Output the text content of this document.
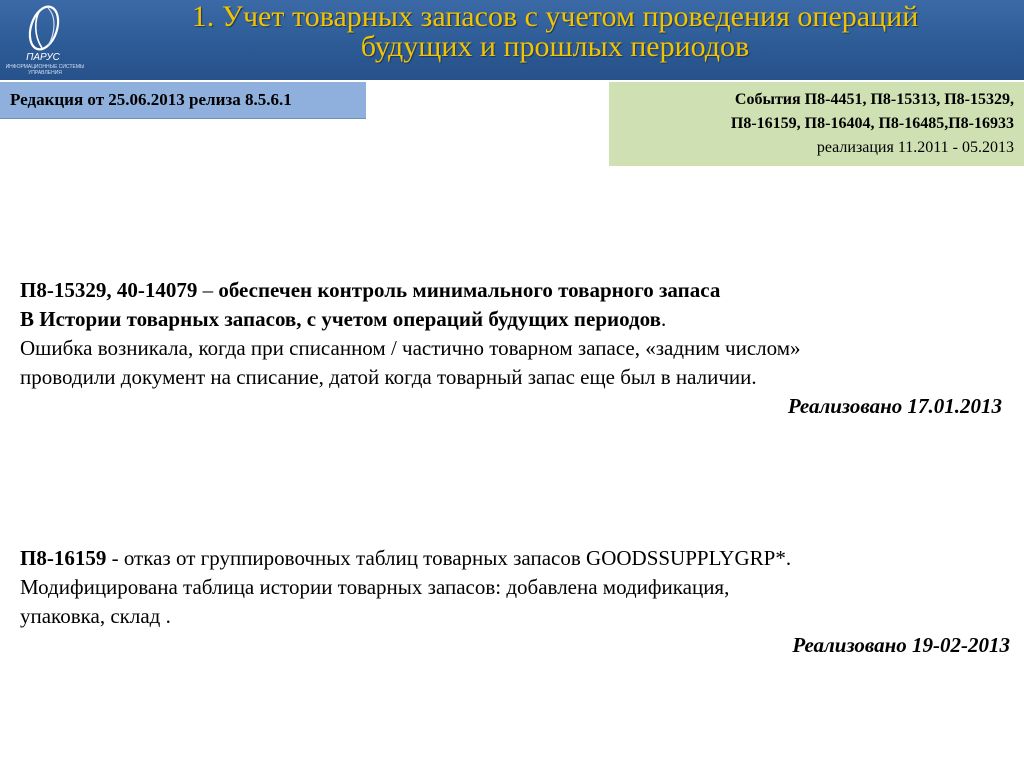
ПАРУС
ИНФОРМАЦИОННЫЕ СИСТЕМЫ УПРАВЛЕНИЯ
1. Учет товарных запасов с учетом проведения операций
будущих и прошлых периодов
Редакция от 25.06.2013 релиза 8.5.6.1	События П8-4451, П8-15313, П8-15329,
П8-16159, П8-16404, П8-16485,П8-16933
реализация 11.2011 - 05.2013

П8-15329, 40-14079 – обеспечен контроль минимального товарного запаса

В Истории товарных запасов, с учетом операций будущих периодов.

Ошибка возникала, когда при списанном / частично товарном запасе, «задним числом»

проводили документ на списание, датой когда товарный запас еще был в наличии.

Реализовано 17.01.2013

П8-16159 - отказ от группировочных таблиц товарных запасов GOODSSUPPLYGRP*.

Модифицирована таблица истории товарных запасов: добавлена модификация,

упаковка, склад .

Реализовано 19-02-2013
